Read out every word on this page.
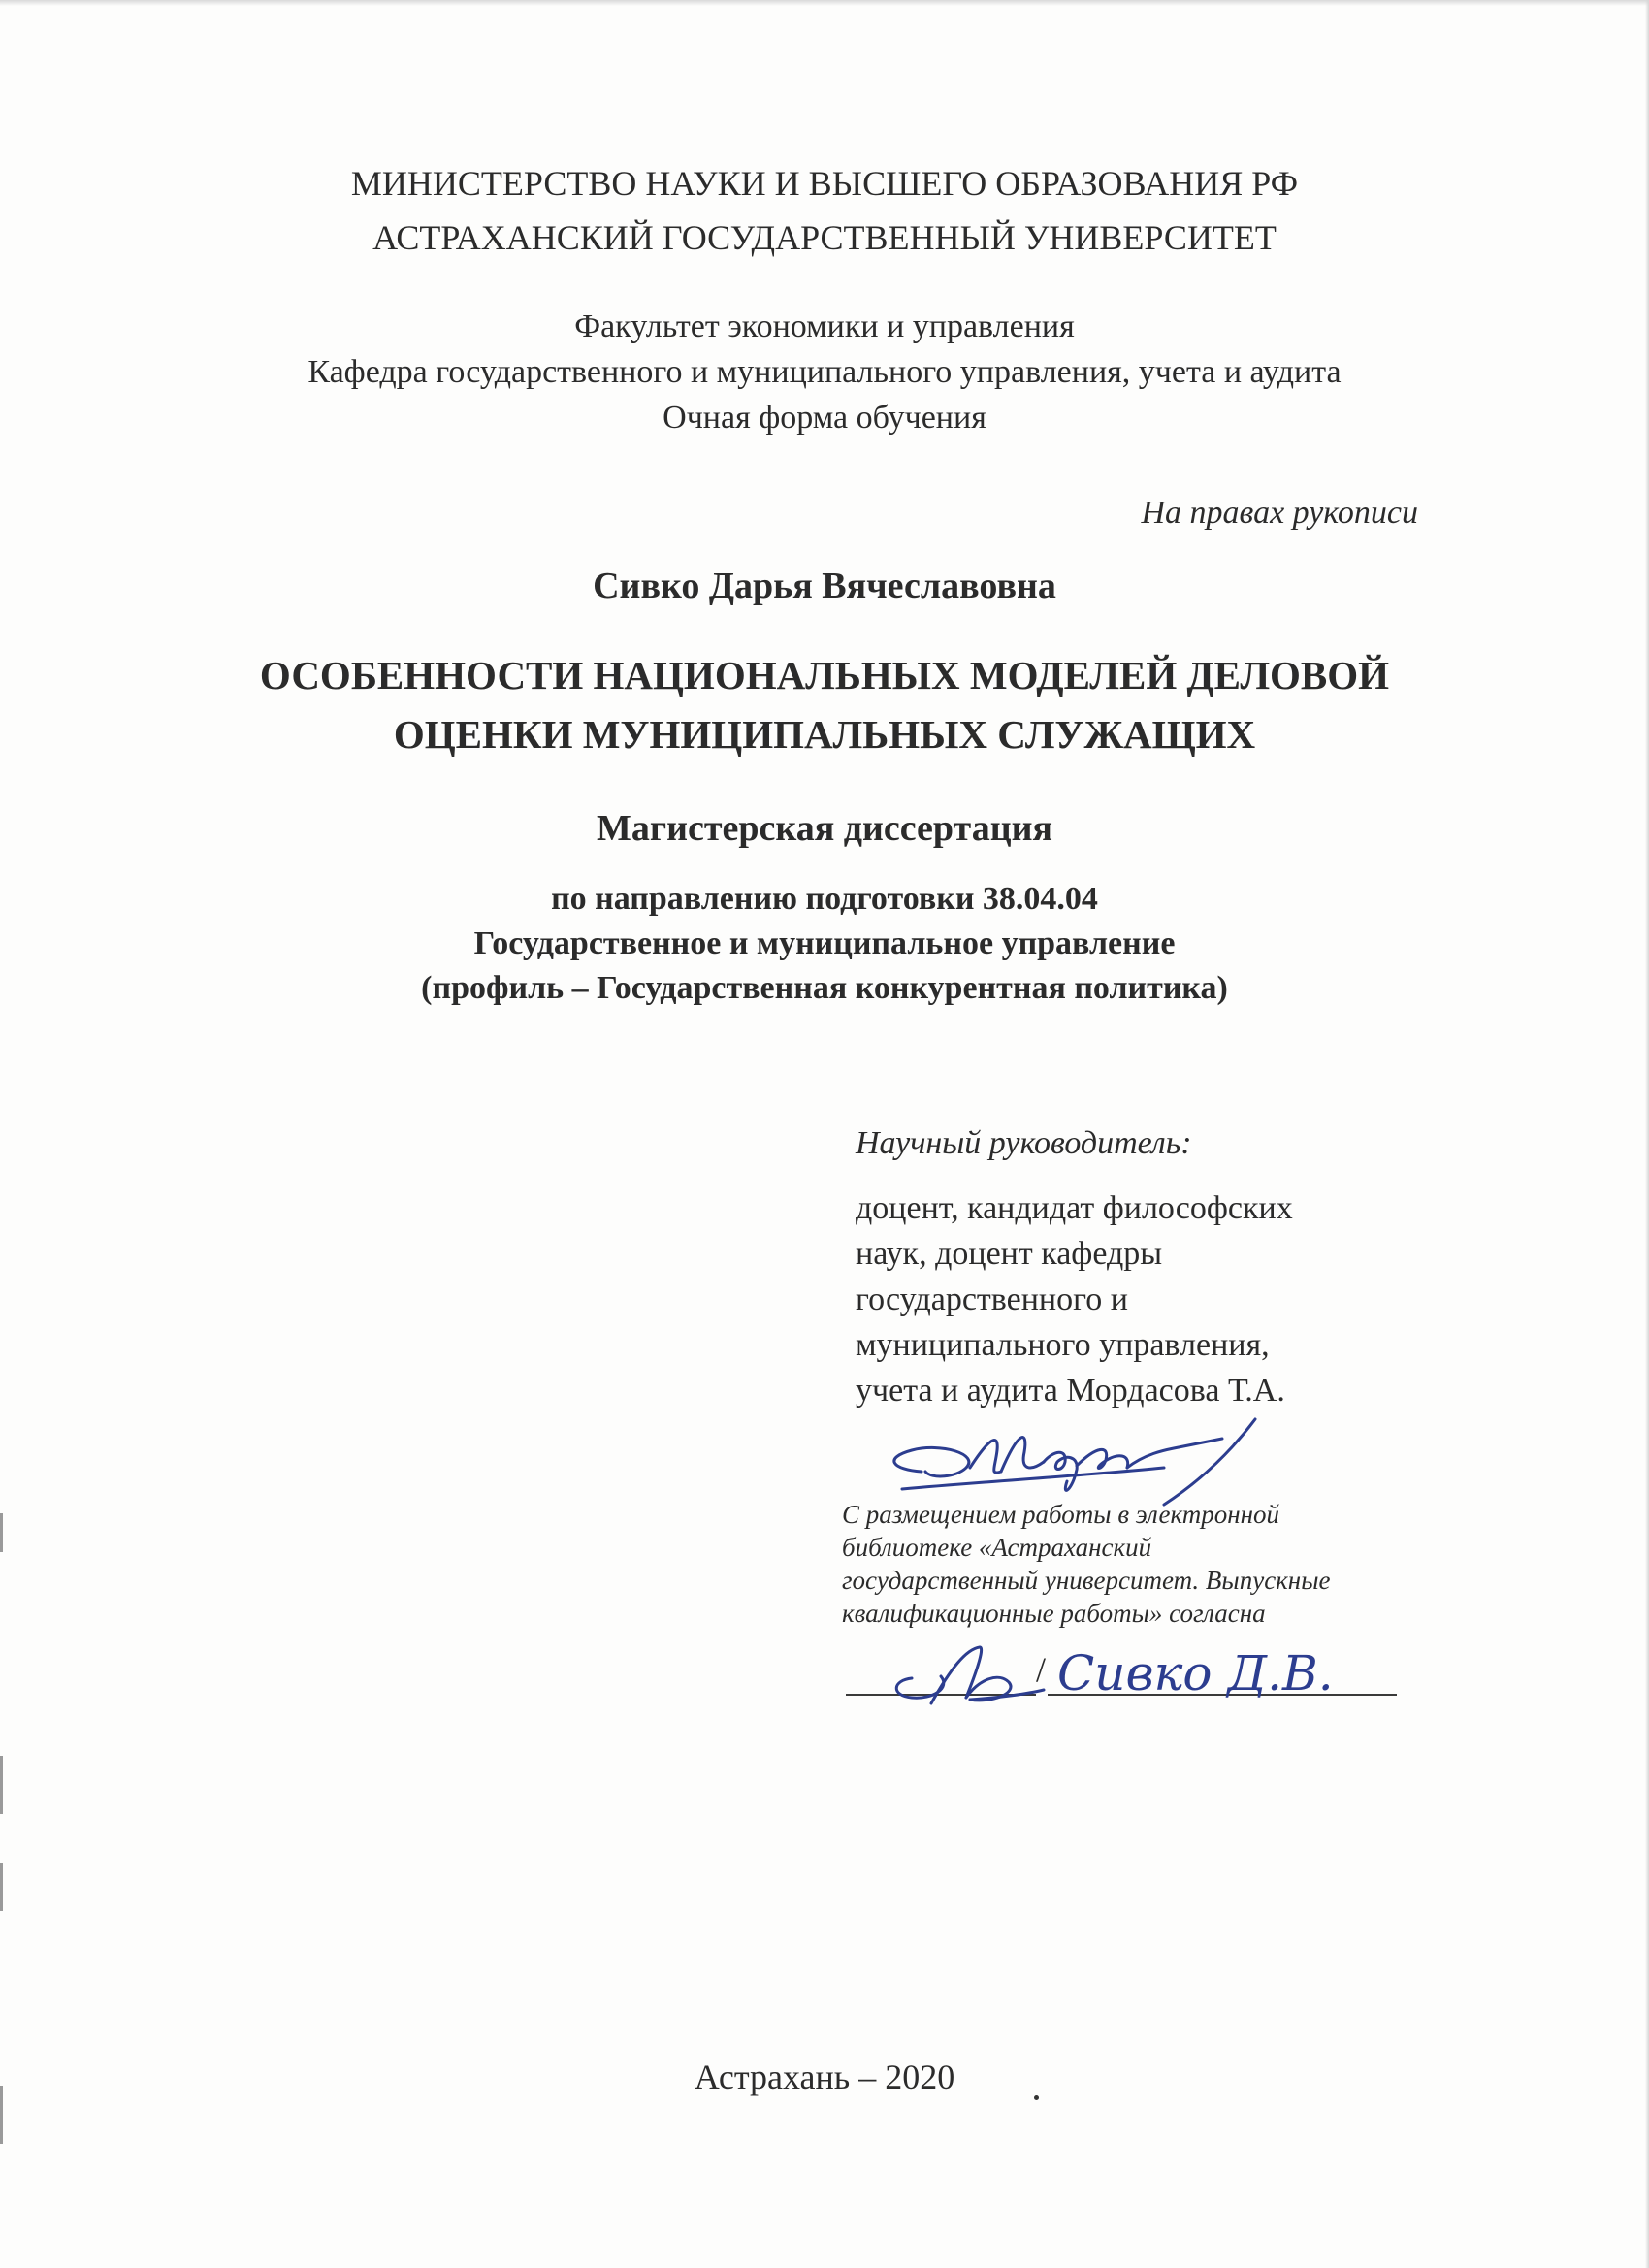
МИНИСТЕРСТВО НАУКИ И ВЫСШЕГО ОБРАЗОВАНИЯ РФ
АСТРАХАНСКИЙ ГОСУДАРСТВЕННЫЙ УНИВЕРСИТЕТ
Факультет экономики и управления
Кафедра государственного и муниципального управления, учета и аудита
Очная форма обучения
На правах рукописи
Сивко Дарья Вячеславовна
ОСОБЕННОСТИ НАЦИОНАЛЬНЫХ МОДЕЛЕЙ ДЕЛОВОЙ
ОЦЕНКИ МУНИЦИПАЛЬНЫХ СЛУЖАЩИХ
Магистерская диссертация
по направлению подготовки 38.04.04
Государственное и муниципальное управление
(профиль – Государственная конкурентная политика)
Научный руководитель:
доцент, кандидат философских
наук, доцент кафедры
государственного и
муниципального управления,
учета и аудита Мордасова Т.А.
С размещением работы в электронной
библиотеке «Астраханский
государственный университет. Выпускные
квалификационные работы» согласна
/ Сивко Д.В.
Астрахань – 2020
